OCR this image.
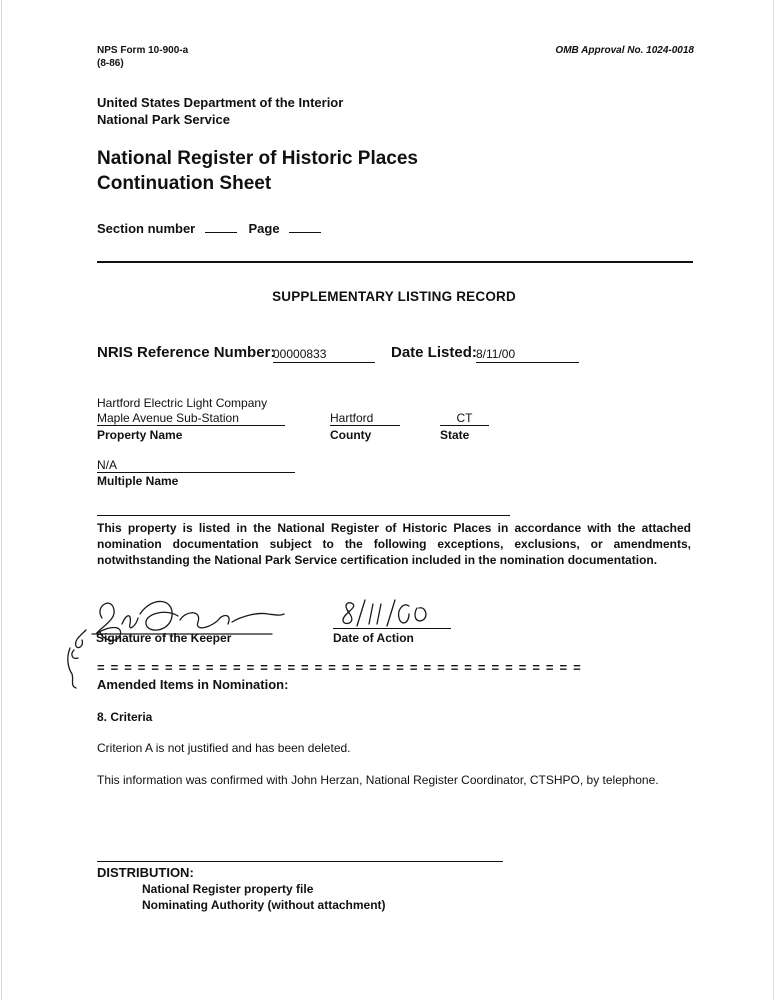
NPS Form 10-900-a
(8-86)
OMB Approval No. 1024-0018
United States Department of the Interior
National Park Service
National Register of Historic Places
Continuation Sheet
Section number	Page
SUPPLEMENTARY LISTING RECORD
NRIS Reference Number:
00000833	Date Listed: 8/11/00
Hartford Electric Light Company
Maple Avenue Sub-Station
Property Name
Hartford
County
CT
State
N/A
Multiple Name
This property is listed in the National Register of Historic Places in accordance with the attached nomination documentation subject to the following exceptions, exclusions, or amendments, notwithstanding the National Park Service certification included in the nomination documentation.
Signature of the Keeper	Date of Action
= = = = = = = = = = = = = = = = = = = = = = = = = = = = = = = = = = = =
Amended Items in Nomination:
8. Criteria
Criterion A is not justified and has been deleted.
This information was confirmed with John Herzan, National Register Coordinator, CTSHPO, by telephone.
DISTRIBUTION:
National Register property file
Nominating Authority (without attachment)
